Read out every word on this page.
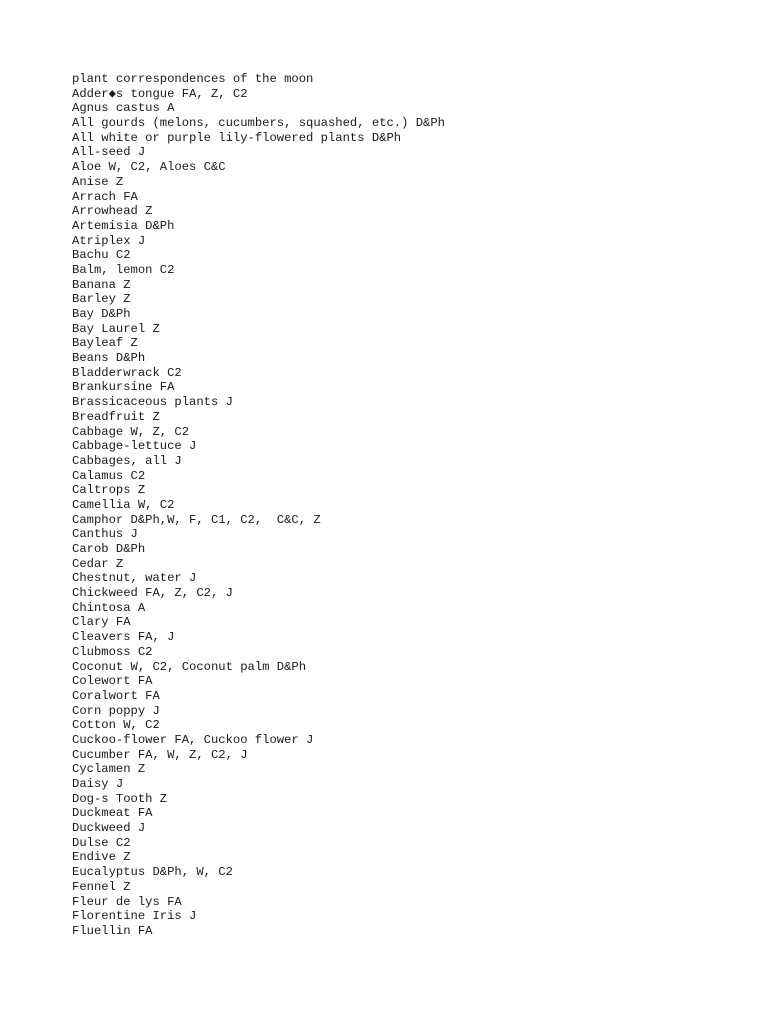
plant correspondences of the moon
Adder◆s tongue FA, Z, C2
Agnus castus A
All gourds (melons, cucumbers, squashed, etc.) D&Ph
All white or purple lily-flowered plants D&Ph
All-seed J
Aloe W, C2, Aloes C&C
Anise Z
Arrach FA
Arrowhead Z
Artemisia D&Ph
Atriplex J
Bachu C2
Balm, lemon C2
Banana Z
Barley Z
Bay D&Ph
Bay Laurel Z
Bayleaf Z
Beans D&Ph
Bladderwrack C2
Brankursine FA
Brassicaceous plants J
Breadfruit Z
Cabbage W, Z, C2
Cabbage-lettuce J
Cabbages, all J
Calamus C2
Caltrops Z
Camellia W, C2
Camphor D&Ph,W, F, C1, C2,  C&C, Z
Canthus J
Carob D&Ph
Cedar Z
Chestnut, water J
Chickweed FA, Z, C2, J
Chintosa A
Clary FA
Cleavers FA, J
Clubmoss C2
Coconut W, C2, Coconut palm D&Ph
Colewort FA
Coralwort FA
Corn poppy J
Cotton W, C2
Cuckoo-flower FA, Cuckoo flower J
Cucumber FA, W, Z, C2, J
Cyclamen Z
Daisy J
Dog-s Tooth Z
Duckmeat FA
Duckweed J
Dulse C2
Endive Z
Eucalyptus D&Ph, W, C2
Fennel Z
Fleur de lys FA
Florentine Iris J
Fluellin FA
